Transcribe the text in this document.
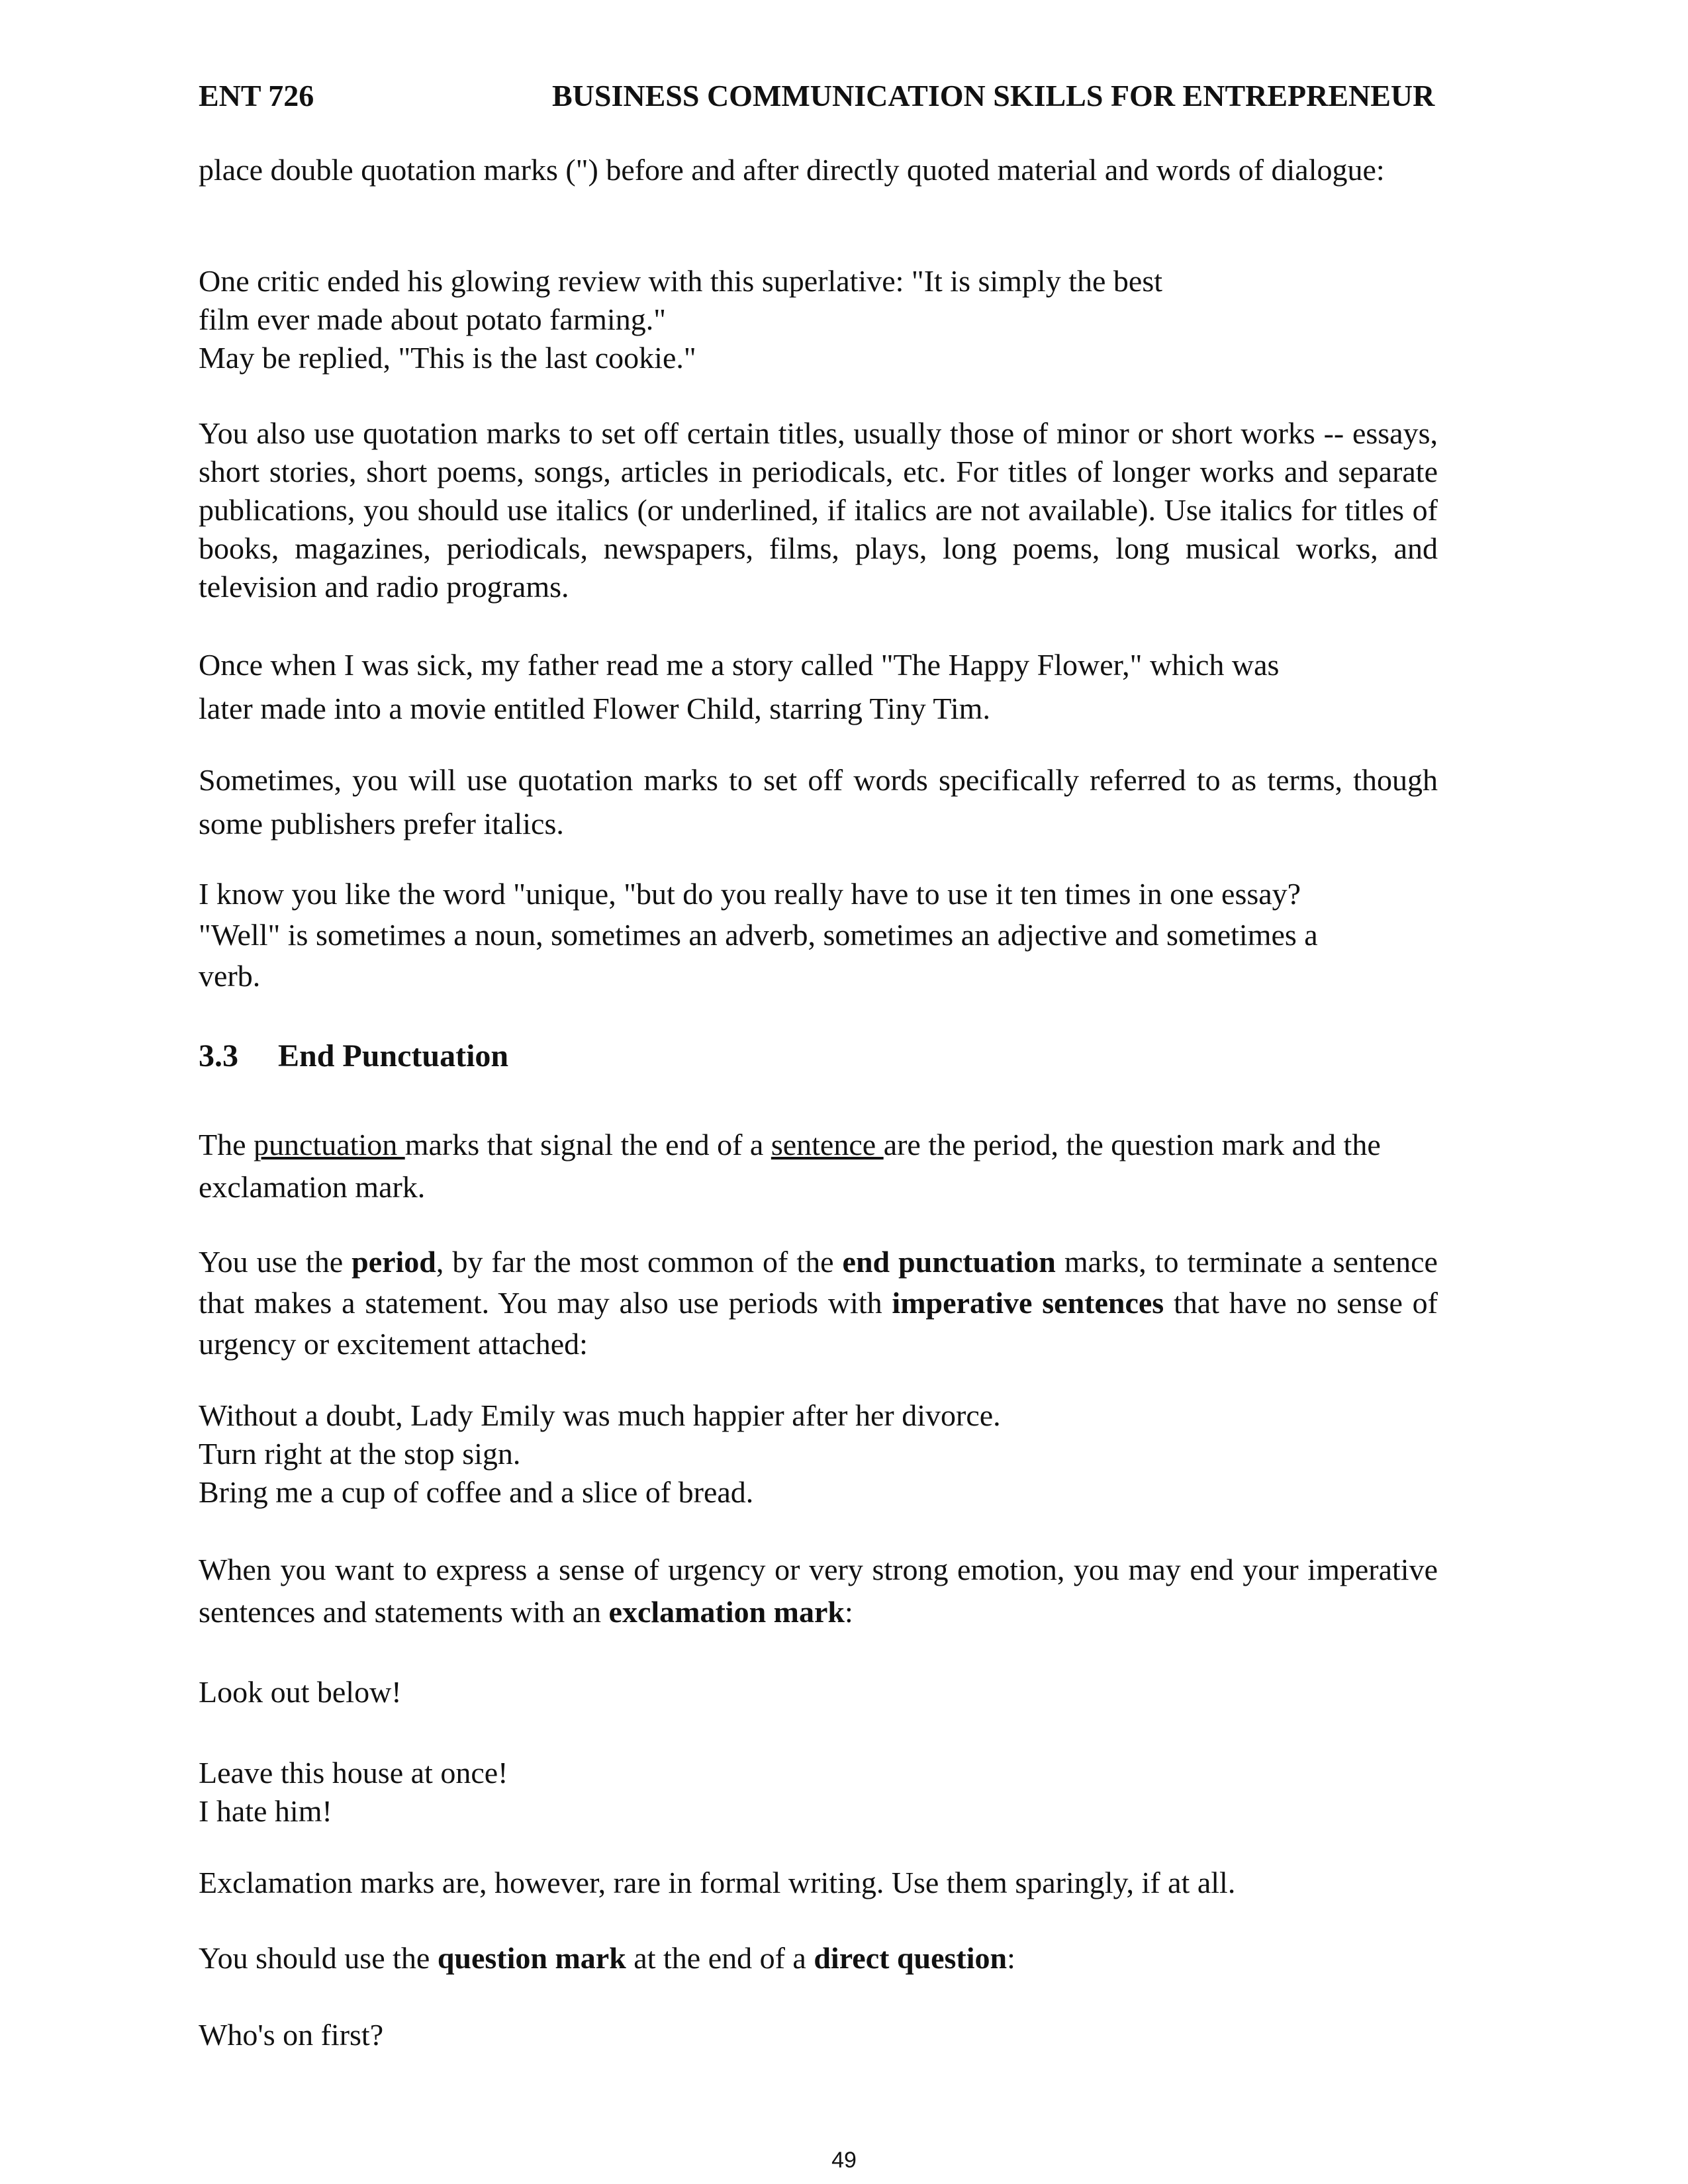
ENT 726	BUSINESS COMMUNICATION SKILLS FOR ENTREPRENEUR
place double quotation marks (") before and after directly quoted material and words of dialogue:
One critic ended his glowing review with this superlative: "It is simply the best
film ever made about potato farming."
May be replied, "This is the last cookie."
You also use quotation marks to set off certain titles, usually those of minor or short works -- essays, short stories, short poems, songs, articles in periodicals, etc. For titles of longer works and separate publications, you should use italics (or underlined, if italics are not available). Use italics for titles of books, magazines, periodicals, newspapers, films, plays, long poems, long musical works, and television and radio programs.
Once when I was sick, my father read me a story called "The Happy Flower," which was
later made into a movie entitled Flower Child, starring Tiny Tim.
Sometimes, you will use quotation marks to set off words specifically referred to as terms, though some publishers prefer italics.
I know you like the word "unique, "but do you really have to use it ten times in one essay?
"Well" is sometimes a noun, sometimes an adverb, sometimes an adjective and sometimes a
verb.
3.3 End Punctuation
The punctuation marks that signal the end of a sentence are the period, the question mark and the exclamation mark.
You use the period, by far the most common of the end punctuation marks, to terminate a sentence that makes a statement. You may also use periods with imperative sentences that have no sense of urgency or excitement attached:
Without a doubt, Lady Emily was much happier after her divorce.
Turn right at the stop sign.
Bring me a cup of coffee and a slice of bread.
When you want to express a sense of urgency or very strong emotion, you may end your imperative sentences and statements with an exclamation mark:
Look out below!
Leave this house at once!
I hate him!
Exclamation marks are, however, rare in formal writing. Use them sparingly, if at all.
You should use the question mark at the end of a direct question:
Who's on first?
49
